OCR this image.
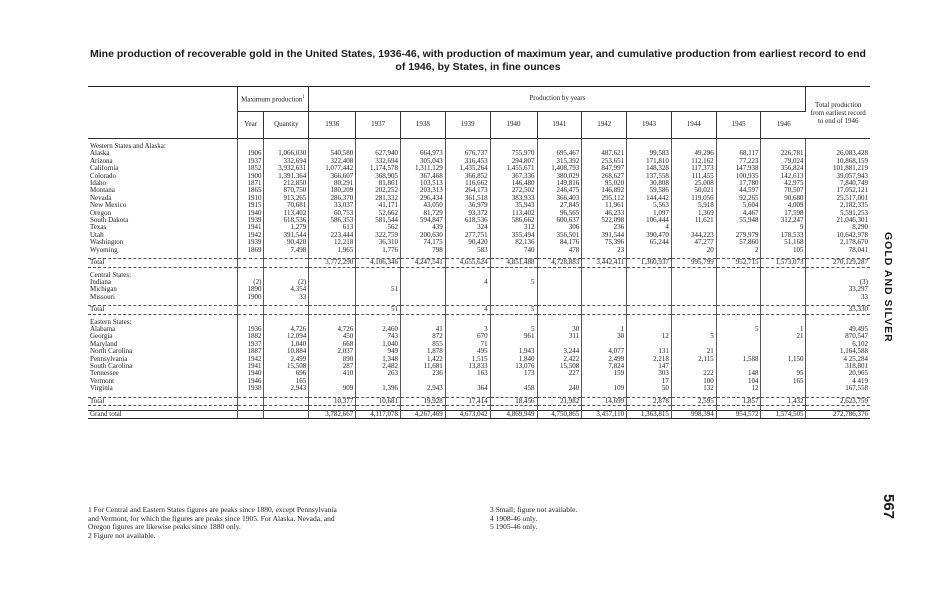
Mine production of recoverable gold in the United States, 1936-46, with production of maximum year, and cumulative production from earliest record to end of 1946, by States, in fine ounces
	Maximum production$^1$		Production by years											Total production from earliest record to end of 1946
	Year	Quantity	1936	1937	1938	1939	1940	1941	1942	1943	1944	1945	1946	

Western States and Alaska:														
Alaska	1906	1,066,030	540,580	627,940	664,973	676,737	755,970	695,467	487,621	99,583	49,296	68,117	226,781	26,083,428
Arizona	1937	332,694	322,408	332,694	305,043	316,453	294,807	315,392	253,651	171,810	112,162	77,223	79,024	10,868,159
California	1852	3,932,631	1,077,442	1,174,578	1,311,129	1,435,264	1,455,671	1,408,793	847,997	148,328	117,373	147,938	356,824	101,881,219
Colorado	1900	1,391,364	366,607	368,905	367,468	366,852	367,336	380,029	268,627	137,558	111,455	100,935	142,613	39,057,943
Idaho	1871	212,850	80,291	81,861	103,513	116,662	146,480	149,816	95,020	30,808	25,008	17,780	42,975	7,840,749
Montana	1865	870,750	180,209	202,252	203,313	264,173	272,502	246,475	146,892	59,586	50,021	44,597	70,507	17,052,121
Nevada	1910	913,265	286,370	281,332	296,434	361,518	383,933	366,403	295,112	144,442	119,056	92,265	90,680	25,517,001
New Mexico	1915	70,681	33,037	41,171	43,050	36,979	35,943	27,845	11,961	5,563	5,918	5,604	4,009	2,182,335
Oregon	1940	113,402	60,753	52,662	81,729	93,372	113,402	96,565	46,233	1,097	1,369	4,467	17,598	5,591,253
South Dakota	1939	618,536	586,353	581,544	594,847	618,536	586,662	600,637	522,098	106,444	11,621	55,948	312,247	21,046,301
Texas	1941	1,279	613	562	439	324	312	306	236	4			9	8,290
Utah	1942	391,544	223,444	322,759	200,630	277,751	355,494	356,501	391,544	390,470	344,223	279,979	178,533	10,642,978
Washington	1939	90,420	12,218	36,310	74,175	90,420	82,136	84,176	75,396	65,244	47,277	57,860	51,168	2,178,670
Wyoming	1869	7,498	1,965	1,776	798	583	740	478	23		20	2	105	78,041

Total			3,772,290	4,106,346	4,247,541	4,655,624	4,851,488	4,728,883	3,442,411	1,360,937	995,799	952,715	1,573,073	270,129,287

Central States:														
Indiana	(2)	(2)				4	5							(3)
Michigan	1890	4,354		51										33,297
Missouri	1900	33												33

Total				51		4	5							33,330

Eastern States:														
Alabama	1936	4,726	4,726	2,460	41	3	5	30	1			5	1	49,495
Georgia	1882	12,094	450	743	872	670	961	311	30	12	5		21	870,547
Maryland	1937	1,040	668	1,040	855	71								6,102
North Carolina	1887	10,884	2,037	949	1,878	495	1,943	3,244	4,077	131	21			1,164,588
Pennsylvania	1942	2,499	890	1,348	1,422	1,515	1,840	2,422	2,499	2,218	2,115	1,588	1,150	4 25,284
South Carolina	1941	15,508	287	2,482	11,681	13,833	13,076	15,508	7,824	147				318,801
Tennessee	1940	696	410	263	236	163	173	227	159	303	222	148	95	20,965
Vermont	1946	165								17	100	104	165	4 419
Virginia	1938	2,943	909	1,396	2,943	364	458	240	109	50	132	12		167,558

Total			10,377	10,681	19,928	17,414	18,456	21,982	14,699	2,878	2,595	1,857	1,432	2,623,759

Grand total			3,782,667	4,117,078	4,267,469	4,673,042	4,869,949	4,750,865	3,457,110	1,363,815	998,394	954,572	1,574,505	272,786,376
1 For Central and Eastern States figures are peaks since 1880, except Pennsylvania
and Vermont, for which the figures are peaks since 1905. For Alaska, Nevada, and
Oregon figures are likewise peaks since 1880 only.
2 Figure not available.
3 Small; figure not available.
4 1908-46 only.
5 1905-46 only.
GOLD AND SILVER
567
